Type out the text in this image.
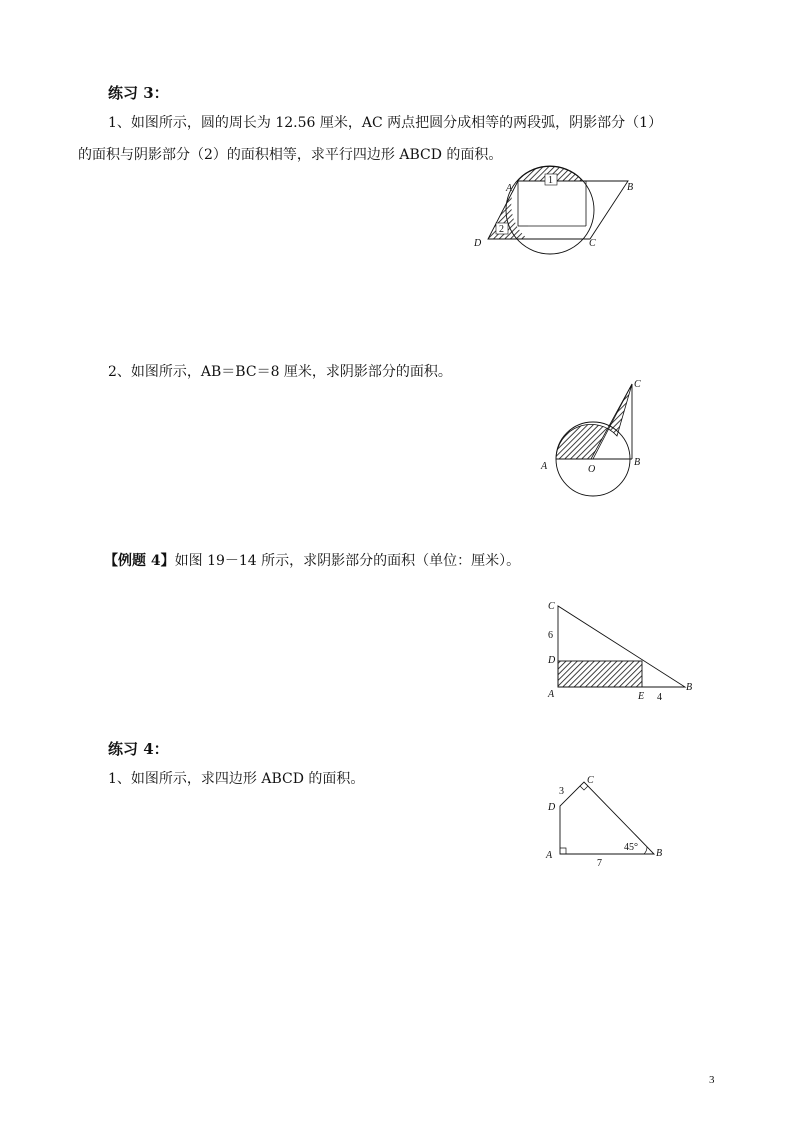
练习 3：
1、如图所示，圆的周长为 12.56 厘米，AC 两点把圆分成相等的两段弧，阴影部分（1）
的面积与阴影部分（2）的面积相等，求平行四边形 ABCD 的面积。
1
2
A	B
C
D
2、如图所示，AB＝BC＝8 厘米，求阴影部分的面积。
A	O
B
C
【例题 4】如图 19－14 所示，求阴影部分的面积（单位：厘米）。
C
6
D
A	E 4
B
练习 4：
1、如图所示，求四边形 ABCD 的面积。
D
C
3
A
7
45°
B
3
